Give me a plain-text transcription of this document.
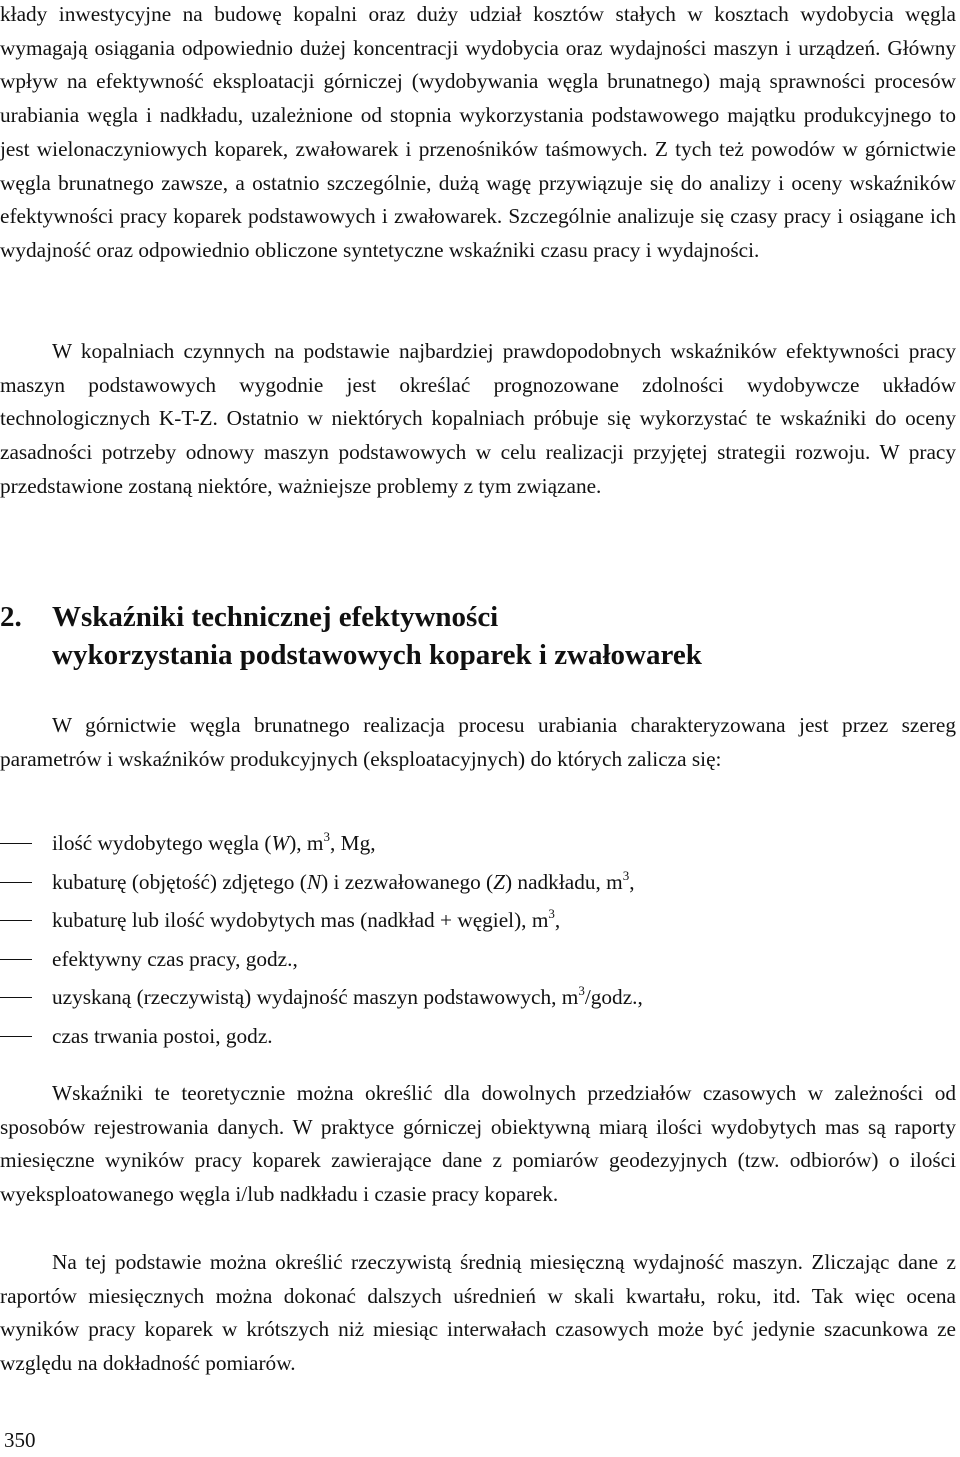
kłady inwestycyjne na budowę kopalni oraz duży udział kosztów stałych w kosztach wydobycia węgla wymagają osiągania odpowiednio dużej koncentracji wydobycia oraz wydajności maszyn i urządzeń. Główny wpływ na efektywność eksploatacji górniczej (wydobywania węgla brunatnego) mają sprawności procesów urabiania węgla i nadkładu, uzależnione od stopnia wykorzystania podstawowego majątku produkcyjnego to jest wielonaczyniowych koparek, zwałowarek i przenośników taśmowych. Z tych też powodów w górnictwie węgla brunatnego zawsze, a ostatnio szczególnie, dużą wagę przywiązuje się do analizy i oceny wskaźników efektywności pracy koparek podstawowych i zwałowarek. Szczególnie analizuje się czasy pracy i osiągane ich wydajność oraz odpowiednio obliczone syntetyczne wskaźniki czasu pracy i wydajności.

W kopalniach czynnych na podstawie najbardziej prawdopodobnych wskaźników efektywności pracy maszyn podstawowych wygodnie jest określać prognozowane zdolności wydobywcze układów technologicznych K-T-Z. Ostatnio w niektórych kopalniach próbuje się wykorzystać te wskaźniki do oceny zasadności potrzeby odnowy maszyn podstawowych w celu realizacji przyjętej strategii rozwoju. W pracy przedstawione zostaną niektóre, ważniejsze problemy z tym związane.

2. Wskaźniki technicznej efektywności
wykorzystania podstawowych koparek i zwałowarek

W górnictwie węgla brunatnego realizacja procesu urabiania charakteryzowana jest przez szereg parametrów i wskaźników produkcyjnych (eksploatacyjnych) do których zalicza się:

ilość wydobytego węgla (W), $m^3$, Mg,
kubaturę (objętość) zdjętego (N) i zezwałowanego (Z) nadkładu, $m^3$,
kubaturę lub ilość wydobytych mas (nadkład + węgiel), $m^3$,
efektywny czas pracy, godz.,
uzyskaną (rzeczywistą) wydajność maszyn podstawowych, $m^3$/godz.,
czas trwania postoi, godz.

Wskaźniki te teoretycznie można określić dla dowolnych przedziałów czasowych w zależności od sposobów rejestrowania danych. W praktyce górniczej obiektywną miarą ilości wydobytych mas są raporty miesięczne wyników pracy koparek zawierające dane z pomiarów geodezyjnych (tzw. odbiorów) o ilości wyeksploatowanego węgla i/lub nadkładu i czasie pracy koparek.

Na tej podstawie można określić rzeczywistą średnią miesięczną wydajność maszyn. Zliczając dane z raportów miesięcznych można dokonać dalszych uśrednień w skali kwartału, roku, itd. Tak więc ocena wyników pracy koparek w krótszych niż miesiąc interwałach czasowych może być jedynie szacunkowa ze względu na dokładność pomiarów.

350
